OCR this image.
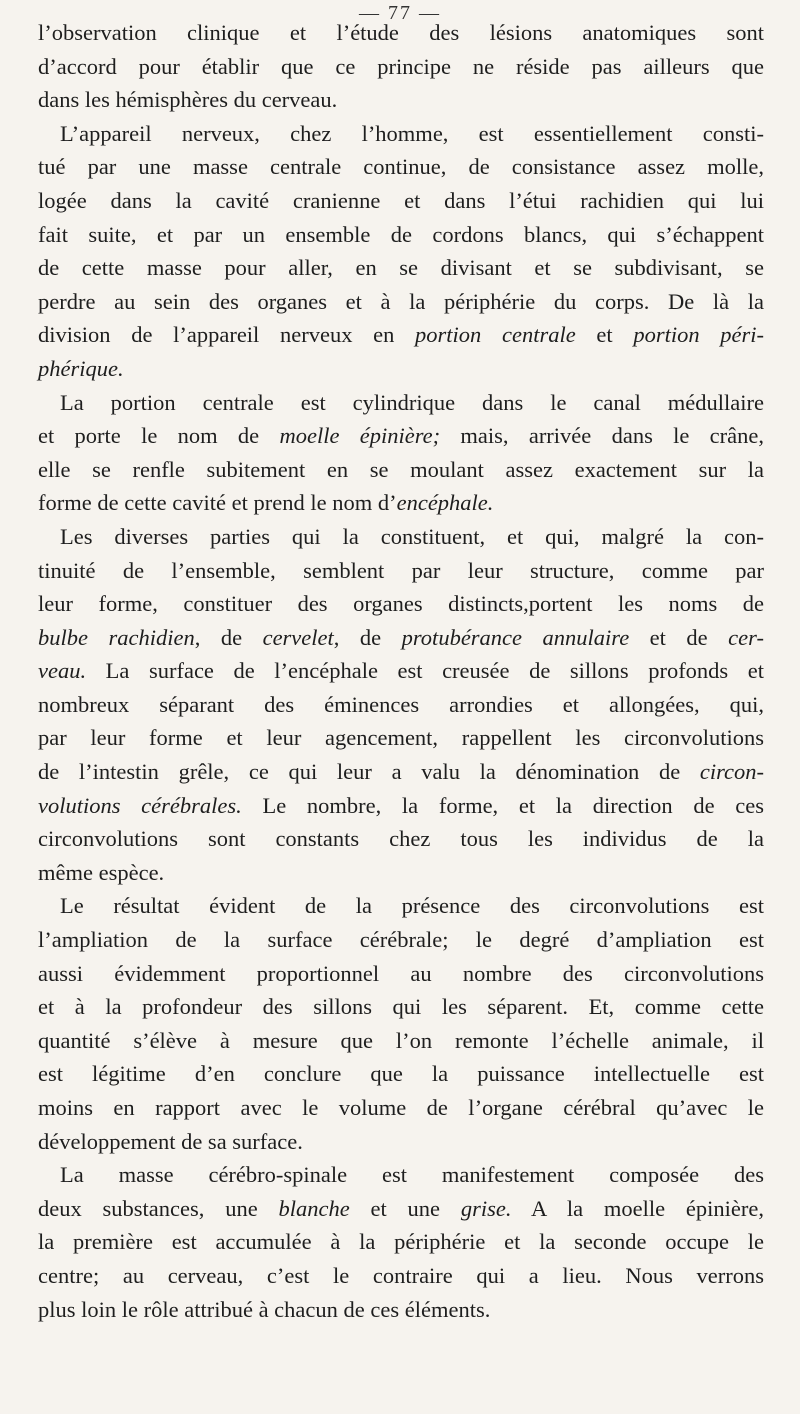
— 77 —
l’observation clinique et l’étude des lésions anatomiques sont
d’accord pour établir que ce principe ne réside pas ailleurs que
dans les hémisphères du cerveau.
L’appareil nerveux, chez l’homme, est essentiellement consti-
tué par une masse centrale continue, de consistance assez molle,
logée dans la cavité cranienne et dans l’étui rachidien qui lui
fait suite, et par un ensemble de cordons blancs, qui s’échappent
de cette masse pour aller, en se divisant et se subdivisant, se
perdre au sein des organes et à la périphérie du corps. De là la
division de l’appareil nerveux en portion centrale et portion péri-
phérique.
La portion centrale est cylindrique dans le canal médullaire
et porte le nom de moelle épinière; mais, arrivée dans le crâne,
elle se renfle subitement en se moulant assez exactement sur la
forme de cette cavité et prend le nom d’encéphale.
Les diverses parties qui la constituent, et qui, malgré la con-
tinuité de l’ensemble, semblent par leur structure, comme par
leur forme, constituer des organes distincts,portent les noms de
bulbe rachidien, de cervelet, de protubérance annulaire et de cer-
veau. La surface de l’encéphale est creusée de sillons profonds et
nombreux séparant des éminences arrondies et allongées, qui,
par leur forme et leur agencement, rappellent les circonvolutions
de l’intestin grêle, ce qui leur a valu la dénomination de circon-
volutions cérébrales. Le nombre, la forme, et la direction de ces
circonvolutions sont constants chez tous les individus de la
même espèce.
Le résultat évident de la présence des circonvolutions est
l’ampliation de la surface cérébrale; le degré d’ampliation est
aussi évidemment proportionnel au nombre des circonvolutions
et à la profondeur des sillons qui les séparent. Et, comme cette
quantité s’élève à mesure que l’on remonte l’échelle animale, il
est légitime d’en conclure que la puissance intellectuelle est
moins en rapport avec le volume de l’organe cérébral qu’avec le
développement de sa surface.
La masse cérébro-spinale est manifestement composée des
deux substances, une blanche et une grise. A la moelle épinière,
la première est accumulée à la périphérie et la seconde occupe le
centre; au cerveau, c’est le contraire qui a lieu. Nous verrons
plus loin le rôle attribué à chacun de ces éléments.
